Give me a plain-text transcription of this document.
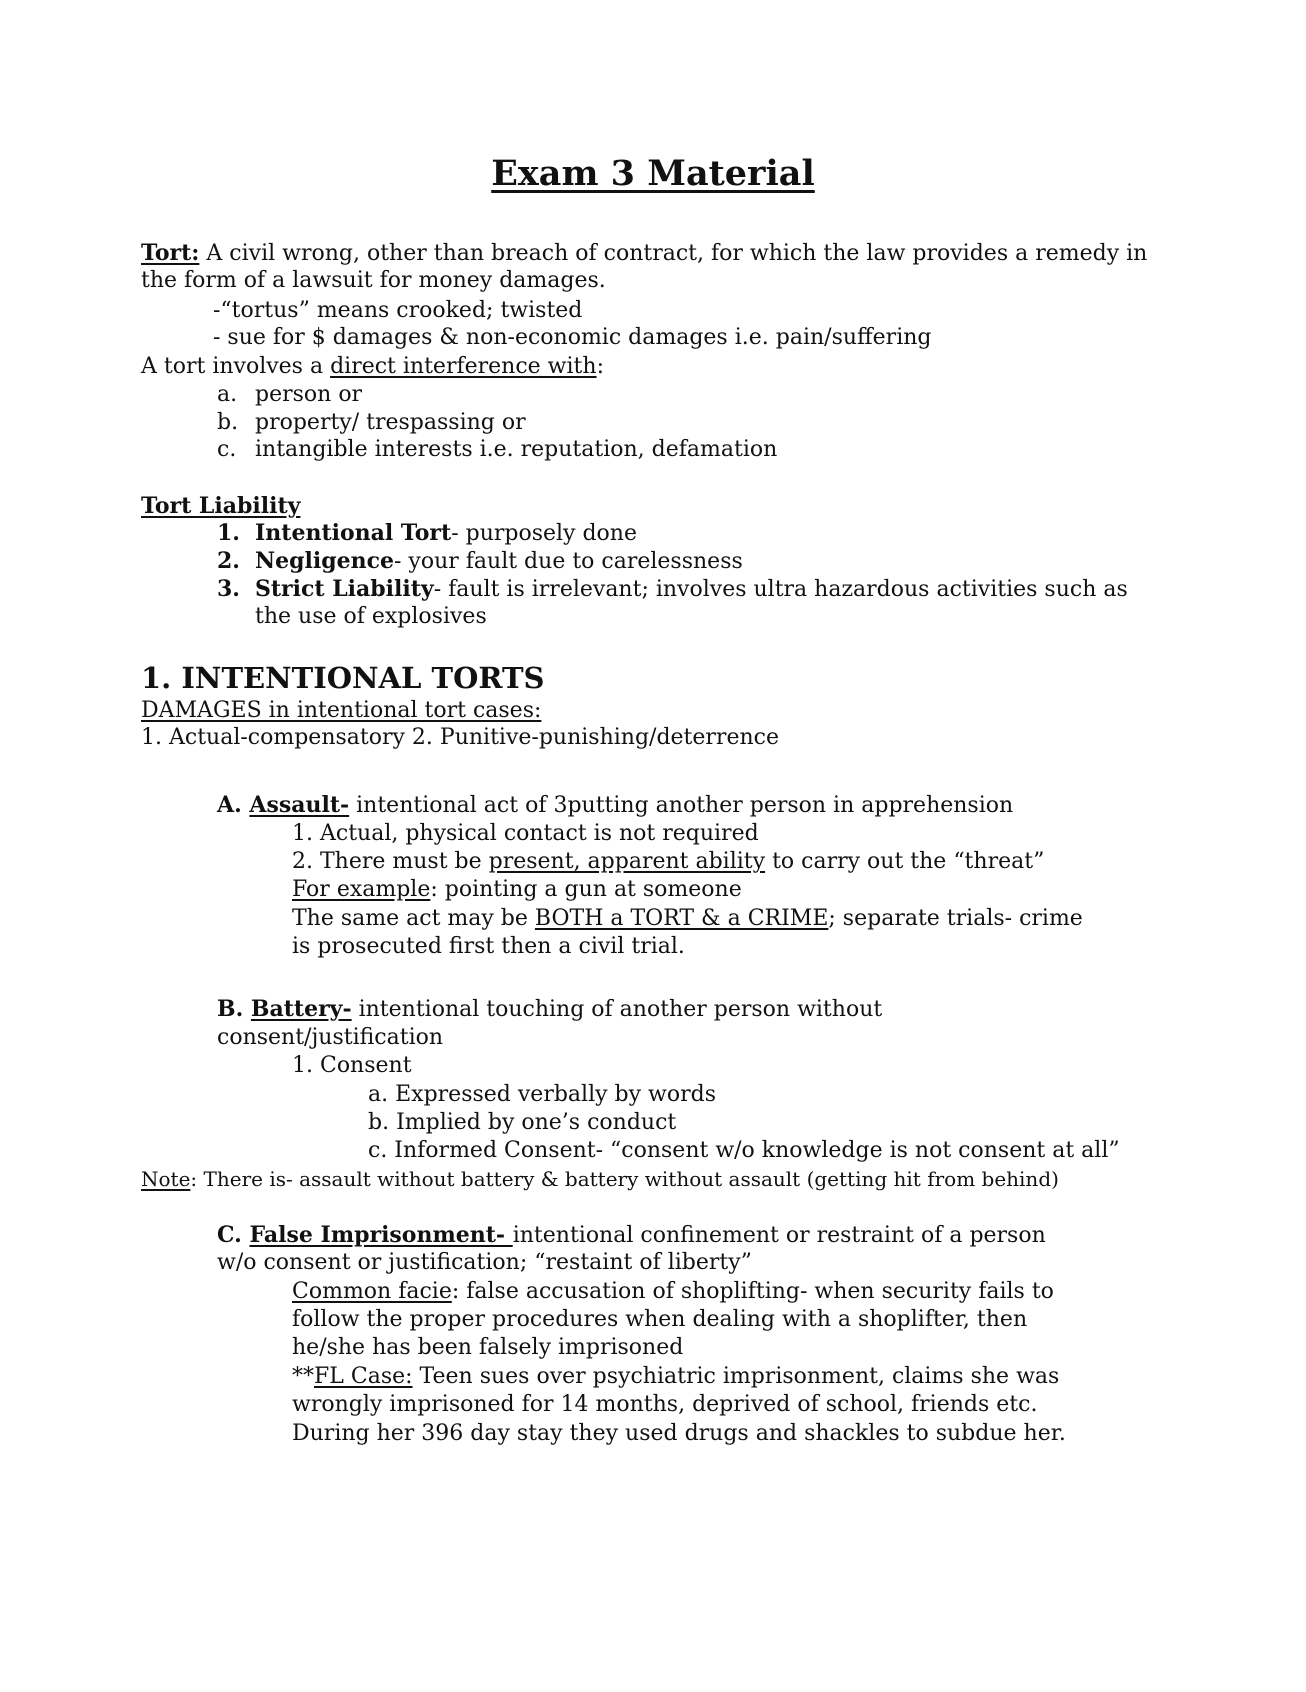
Exam 3 Material
Tort: A civil wrong, other than breach of contract, for which the law provides a remedy in
the form of a lawsuit for money damages.
-“tortus” means crooked; twisted
- sue for $ damages & non-economic damages i.e. pain/suffering
A tort involves a direct interference with:
a. person or
b. property/ trespassing or
c. intangible interests i.e. reputation, defamation
Tort Liability
1. Intentional Tort- purposely done
2. Negligence- your fault due to carelessness
3. Strict Liability- fault is irrelevant; involves ultra hazardous activities such as
the use of explosives
1. INTENTIONAL TORTS
DAMAGES in intentional tort cases:
1. Actual-compensatory 2. Punitive-punishing/deterrence
A. Assault- intentional act of 3putting another person in apprehension
1. Actual, physical contact is not required
2. There must be present, apparent ability to carry out the “threat”
For example: pointing a gun at someone
The same act may be BOTH a TORT & a CRIME; separate trials- crime
is prosecuted first then a civil trial.
B. Battery- intentional touching of another person without
consent/justification
1. Consent
a. Expressed verbally by words
b. Implied by one’s conduct
c. Informed Consent- “consent w/o knowledge is not consent at all”
Note: There is- assault without battery & battery without assault (getting hit from behind)
C. False Imprisonment- intentional confinement or restraint of a person
w/o consent or justification; “restaint of liberty”
Common facie: false accusation of shoplifting- when security fails to
follow the proper procedures when dealing with a shoplifter, then
he/she has been falsely imprisoned
**FL Case: Teen sues over psychiatric imprisonment, claims she was
wrongly imprisoned for 14 months, deprived of school, friends etc.
During her 396 day stay they used drugs and shackles to subdue her.
